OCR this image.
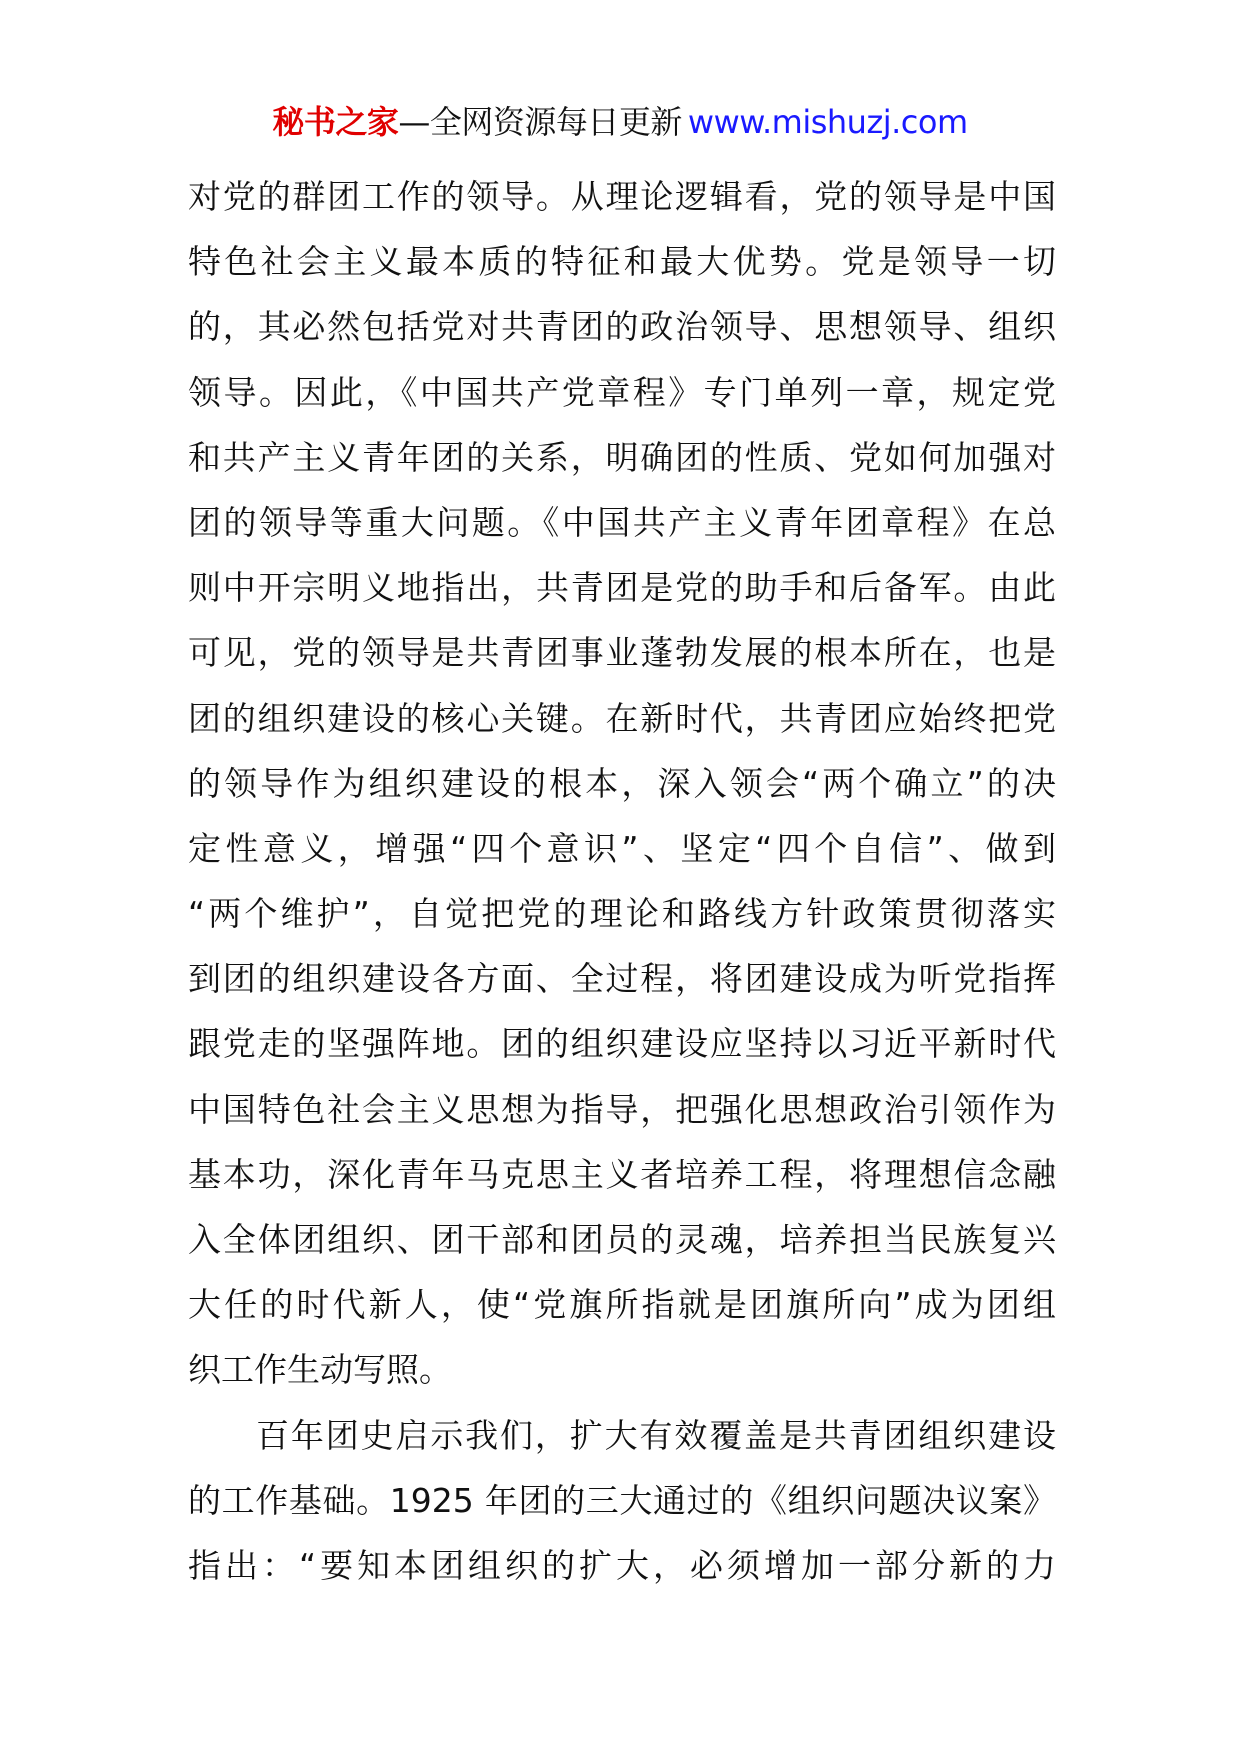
秘书之家—全网资源每日更新 www.mishuzj.com
对党的群团工作的领导。从理论逻辑看，党的领导是中国
特色社会主义最本质的特征和最大优势。党是领导一切
的，其必然包括党对共青团的政治领导、思想领导、组织
领导。因此，《中国共产党章程》专门单列一章，规定党
和共产主义青年团的关系，明确团的性质、党如何加强对
团的领导等重大问题。《中国共产主义青年团章程》在总
则中开宗明义地指出，共青团是党的助手和后备军。由此
可见，党的领导是共青团事业蓬勃发展的根本所在，也是
团的组织建设的核心关键。在新时代，共青团应始终把党
的领导作为组织建设的根本，深入领会“两个确立”的决
定性意义，增强“四个意识”、坚定“四个自信”、做到
“两个维护”，自觉把党的理论和路线方针政策贯彻落实
到团的组织建设各方面、全过程，将团建设成为听党指挥
跟党走的坚强阵地。团的组织建设应坚持以习近平新时代
中国特色社会主义思想为指导，把强化思想政治引领作为
基本功，深化青年马克思主义者培养工程，将理想信念融
入全体团组织、团干部和团员的灵魂，培养担当民族复兴
大任的时代新人，使“党旗所指就是团旗所向”成为团组
织工作生动写照。
百年团史启示我们，扩大有效覆盖是共青团组织建设
的工作基础。1925 年团的三大通过的《组织问题决议案》
指出：“要知本团组织的扩大，必须增加一部分新的力
